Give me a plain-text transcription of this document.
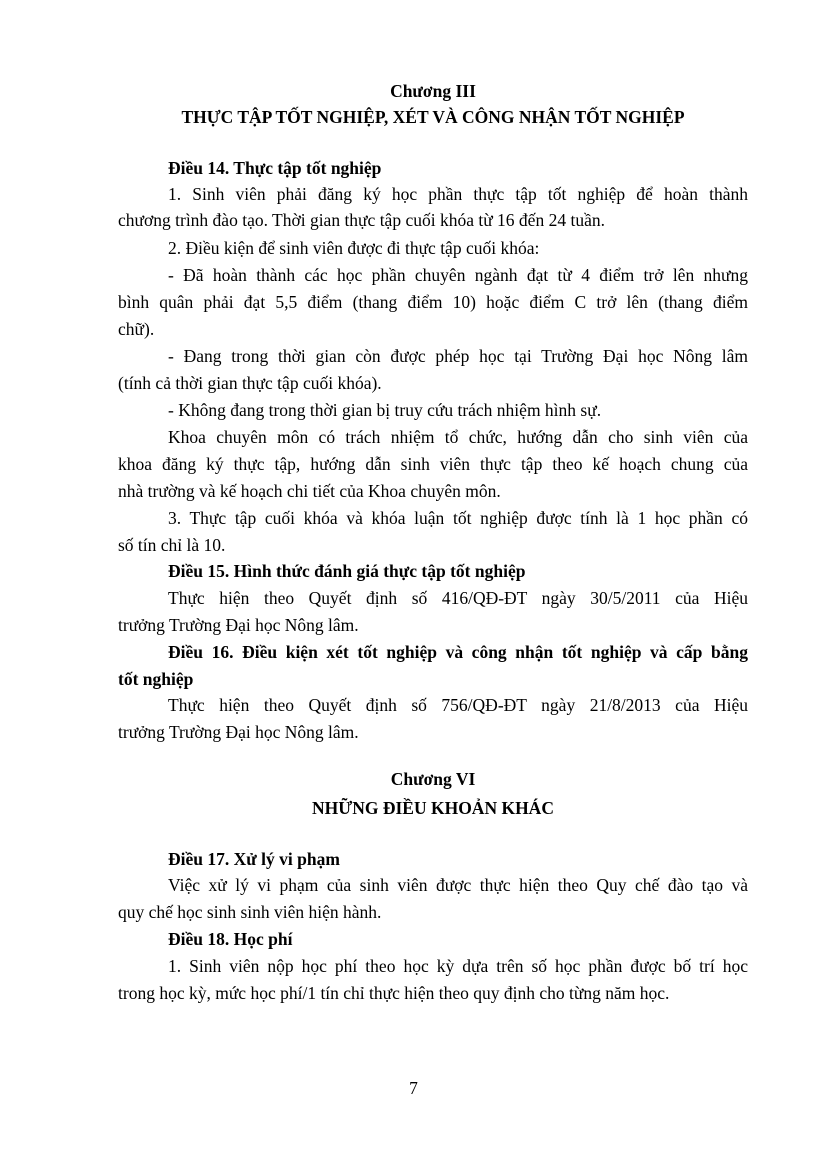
Chương III

THỰC TẬP TỐT NGHIỆP, XÉT VÀ CÔNG NHẬN TỐT NGHIỆP

Điều 14. Thực tập tốt nghiệp

1. Sinh viên phải đăng ký học phần thực tập tốt nghiệp để hoàn thành

chương trình đào tạo. Thời gian thực tập cuối khóa từ 16 đến 24 tuần.

2. Điều kiện để sinh viên được đi thực tập cuối khóa:

- Đã hoàn thành các học phần chuyên ngành đạt từ 4 điểm trở lên nhưng

bình quân phải đạt 5,5 điểm (thang điểm 10) hoặc điểm C trở lên (thang điểm

chữ).

- Đang trong thời gian còn được phép học tại Trường Đại học Nông lâm

(tính cả thời gian thực tập cuối khóa).

- Không đang trong thời gian bị truy cứu trách nhiệm hình sự.

Khoa chuyên môn có trách nhiệm tổ chức, hướng dẫn cho sinh viên của

khoa đăng ký thực tập, hướng dẫn sinh viên thực tập theo kế hoạch chung của

nhà trường và kế hoạch chi tiết của Khoa chuyên môn.

3. Thực tập cuối khóa và khóa luận tốt nghiệp được tính là 1 học phần có

số tín chỉ là 10.

Điều 15. Hình thức đánh giá thực tập tốt nghiệp

Thực hiện theo Quyết định số 416/QĐ-ĐT ngày 30/5/2011 của Hiệu

trưởng Trường Đại học Nông lâm.

Điều 16. Điều kiện xét tốt nghiệp và công nhận tốt nghiệp và cấp bằng

tốt nghiệp

Thực hiện theo Quyết định số 756/QĐ-ĐT ngày 21/8/2013 của Hiệu

trưởng Trường Đại học Nông lâm.

Chương VI

NHỮNG ĐIỀU KHOẢN KHÁC

Điều 17. Xử lý vi phạm

Việc xử lý vi phạm của sinh viên được thực hiện theo Quy chế đào tạo và

quy chế học sinh sinh viên hiện hành.

Điều 18. Học phí

1. Sinh viên nộp học phí theo học kỳ dựa trên số học phần được bố trí học

trong học kỳ, mức học phí/1 tín chỉ thực hiện theo quy định cho từng năm học.

7
